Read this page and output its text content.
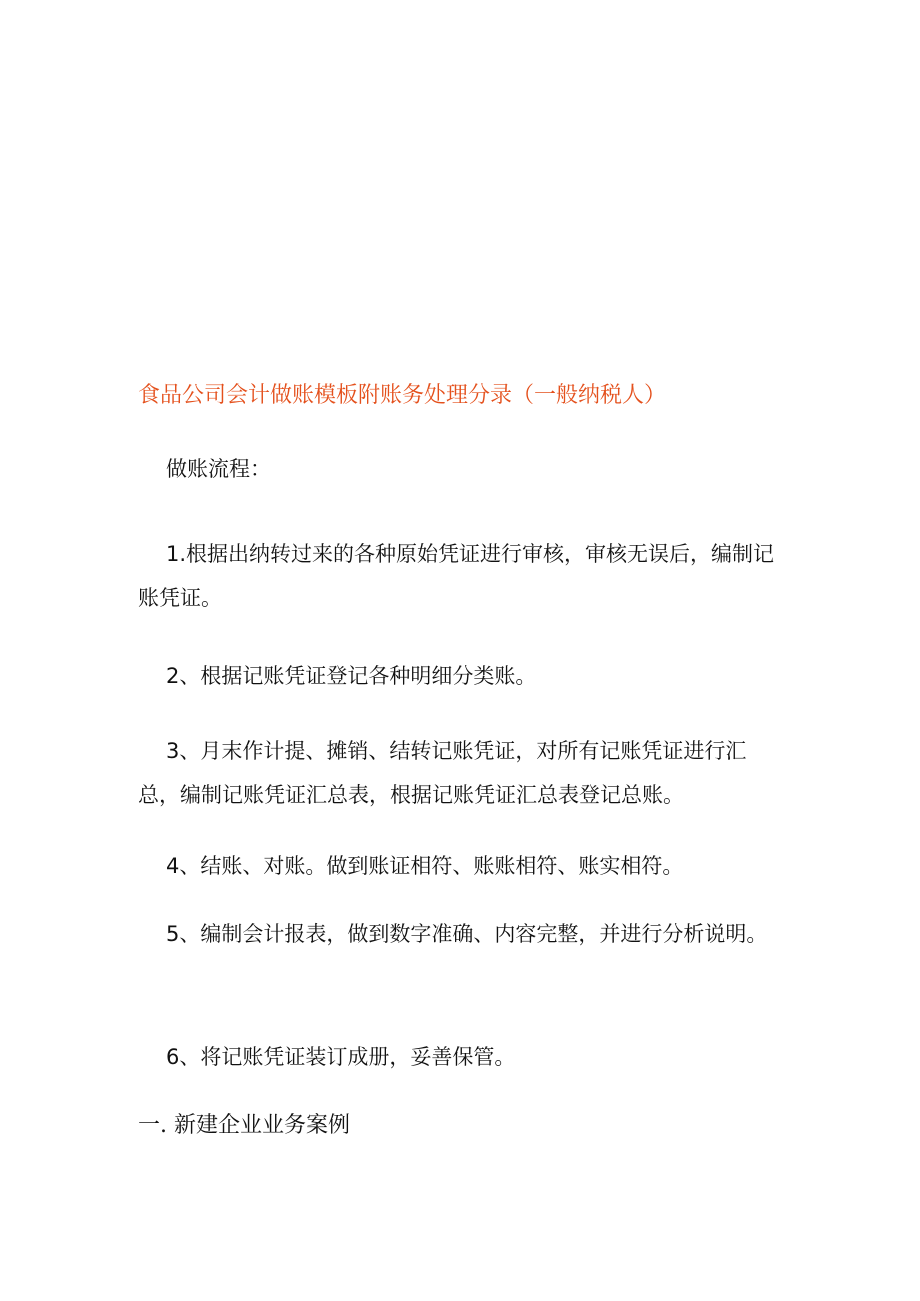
食品公司会计做账模板附账务处理分录（一般纳税人）

做账流程：

1.根据出纳转过来的各种原始凭证进行审核，审核无误后，编制记账凭证。

2、根据记账凭证登记各种明细分类账。

3、月末作计提、摊销、结转记账凭证，对所有记账凭证进行汇总，编制记账凭证汇总表，根据记账凭证汇总表登记总账。

4、结账、对账。做到账证相符、账账相符、账实相符。

5、编制会计报表，做到数字准确、内容完整，并进行分析说明。

6、将记账凭证装订成册，妥善保管。

一. 新建企业业务案例
